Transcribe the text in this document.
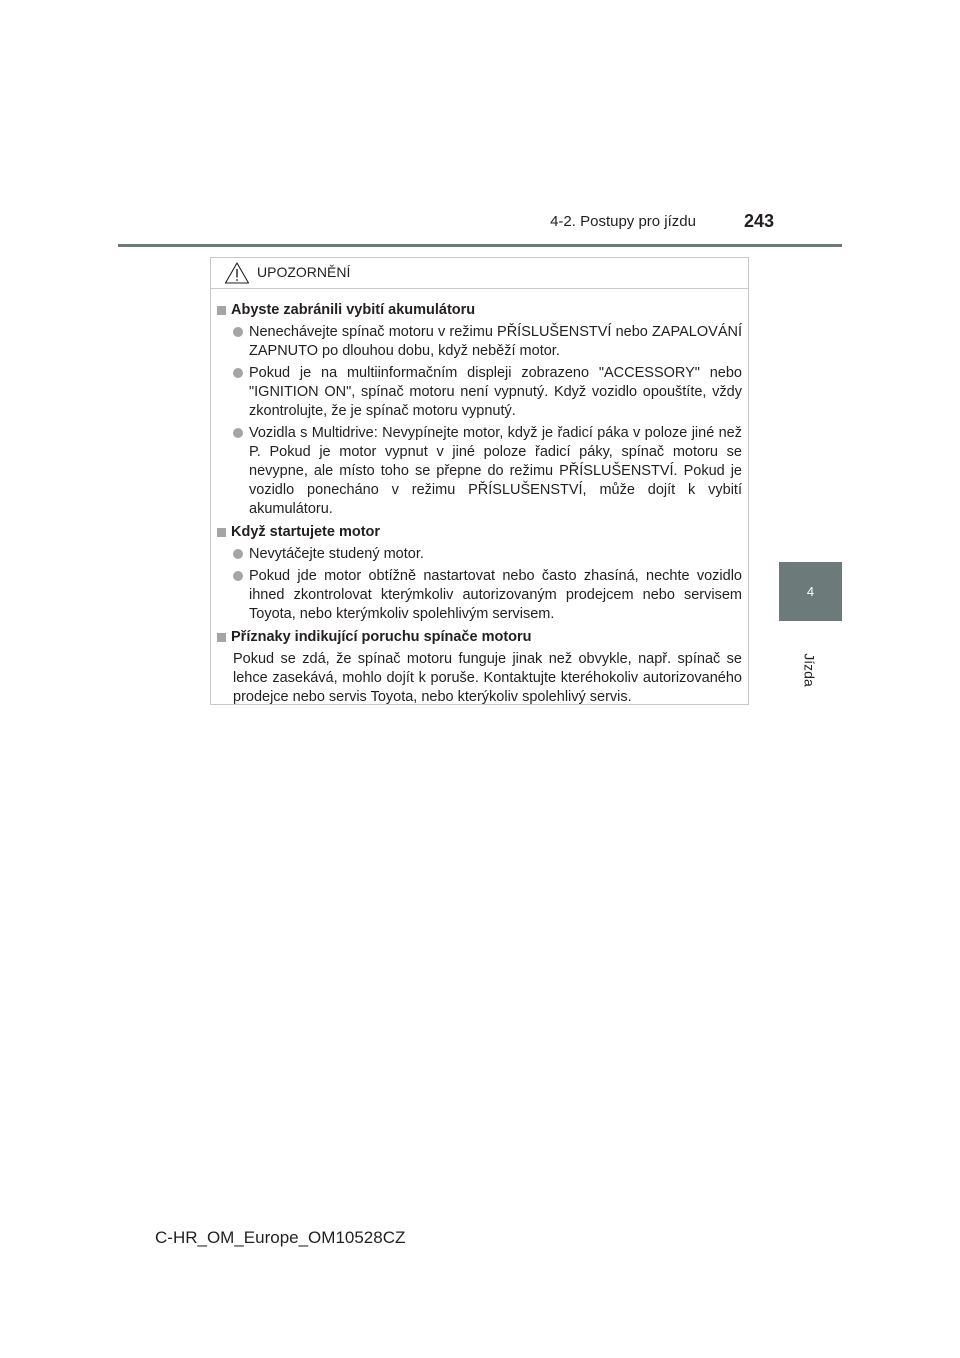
4-2. Postupy pro jízdu	243
4
Jízda
UPOZORNĚNÍ
Abyste zabránili vybití akumulátoru
Nenechávejte spínač motoru v režimu PŘÍSLUŠENSTVÍ nebo ZAPALOVÁNÍ ZAPNUTO po dlouhou dobu, když neběží motor.
Pokud je na multiinformačním displeji zobrazeno "ACCESSORY" nebo "IGNITION ON", spínač motoru není vypnutý. Když vozidlo opouštíte, vždy zkontrolujte, že je spínač motoru vypnutý.
Vozidla s Multidrive: Nevypínejte motor, když je řadicí páka v poloze jiné než P. Pokud je motor vypnut v jiné poloze řadicí páky, spínač motoru se nevypne, ale místo toho se přepne do režimu PŘÍSLUŠENSTVÍ. Pokud je vozidlo ponecháno v režimu PŘÍSLUŠENSTVÍ, může dojít k vybití akumulátoru.
Když startujete motor
Nevytáčejte studený motor.
Pokud jde motor obtížně nastartovat nebo často zhasíná, nechte vozidlo ihned zkontrolovat kterýmkoliv autorizovaným prodejcem nebo servisem Toyota, nebo kterýmkoliv spolehlivým servisem.
Příznaky indikující poruchu spínače motoru
Pokud se zdá, že spínač motoru funguje jinak než obvykle, např. spínač se lehce zasekává, mohlo dojít k poruše. Kontaktujte kteréhokoliv autorizovaného prodejce nebo servis Toyota, nebo kterýkoliv spolehlivý servis.
C-HR_OM_Europe_OM10528CZ
